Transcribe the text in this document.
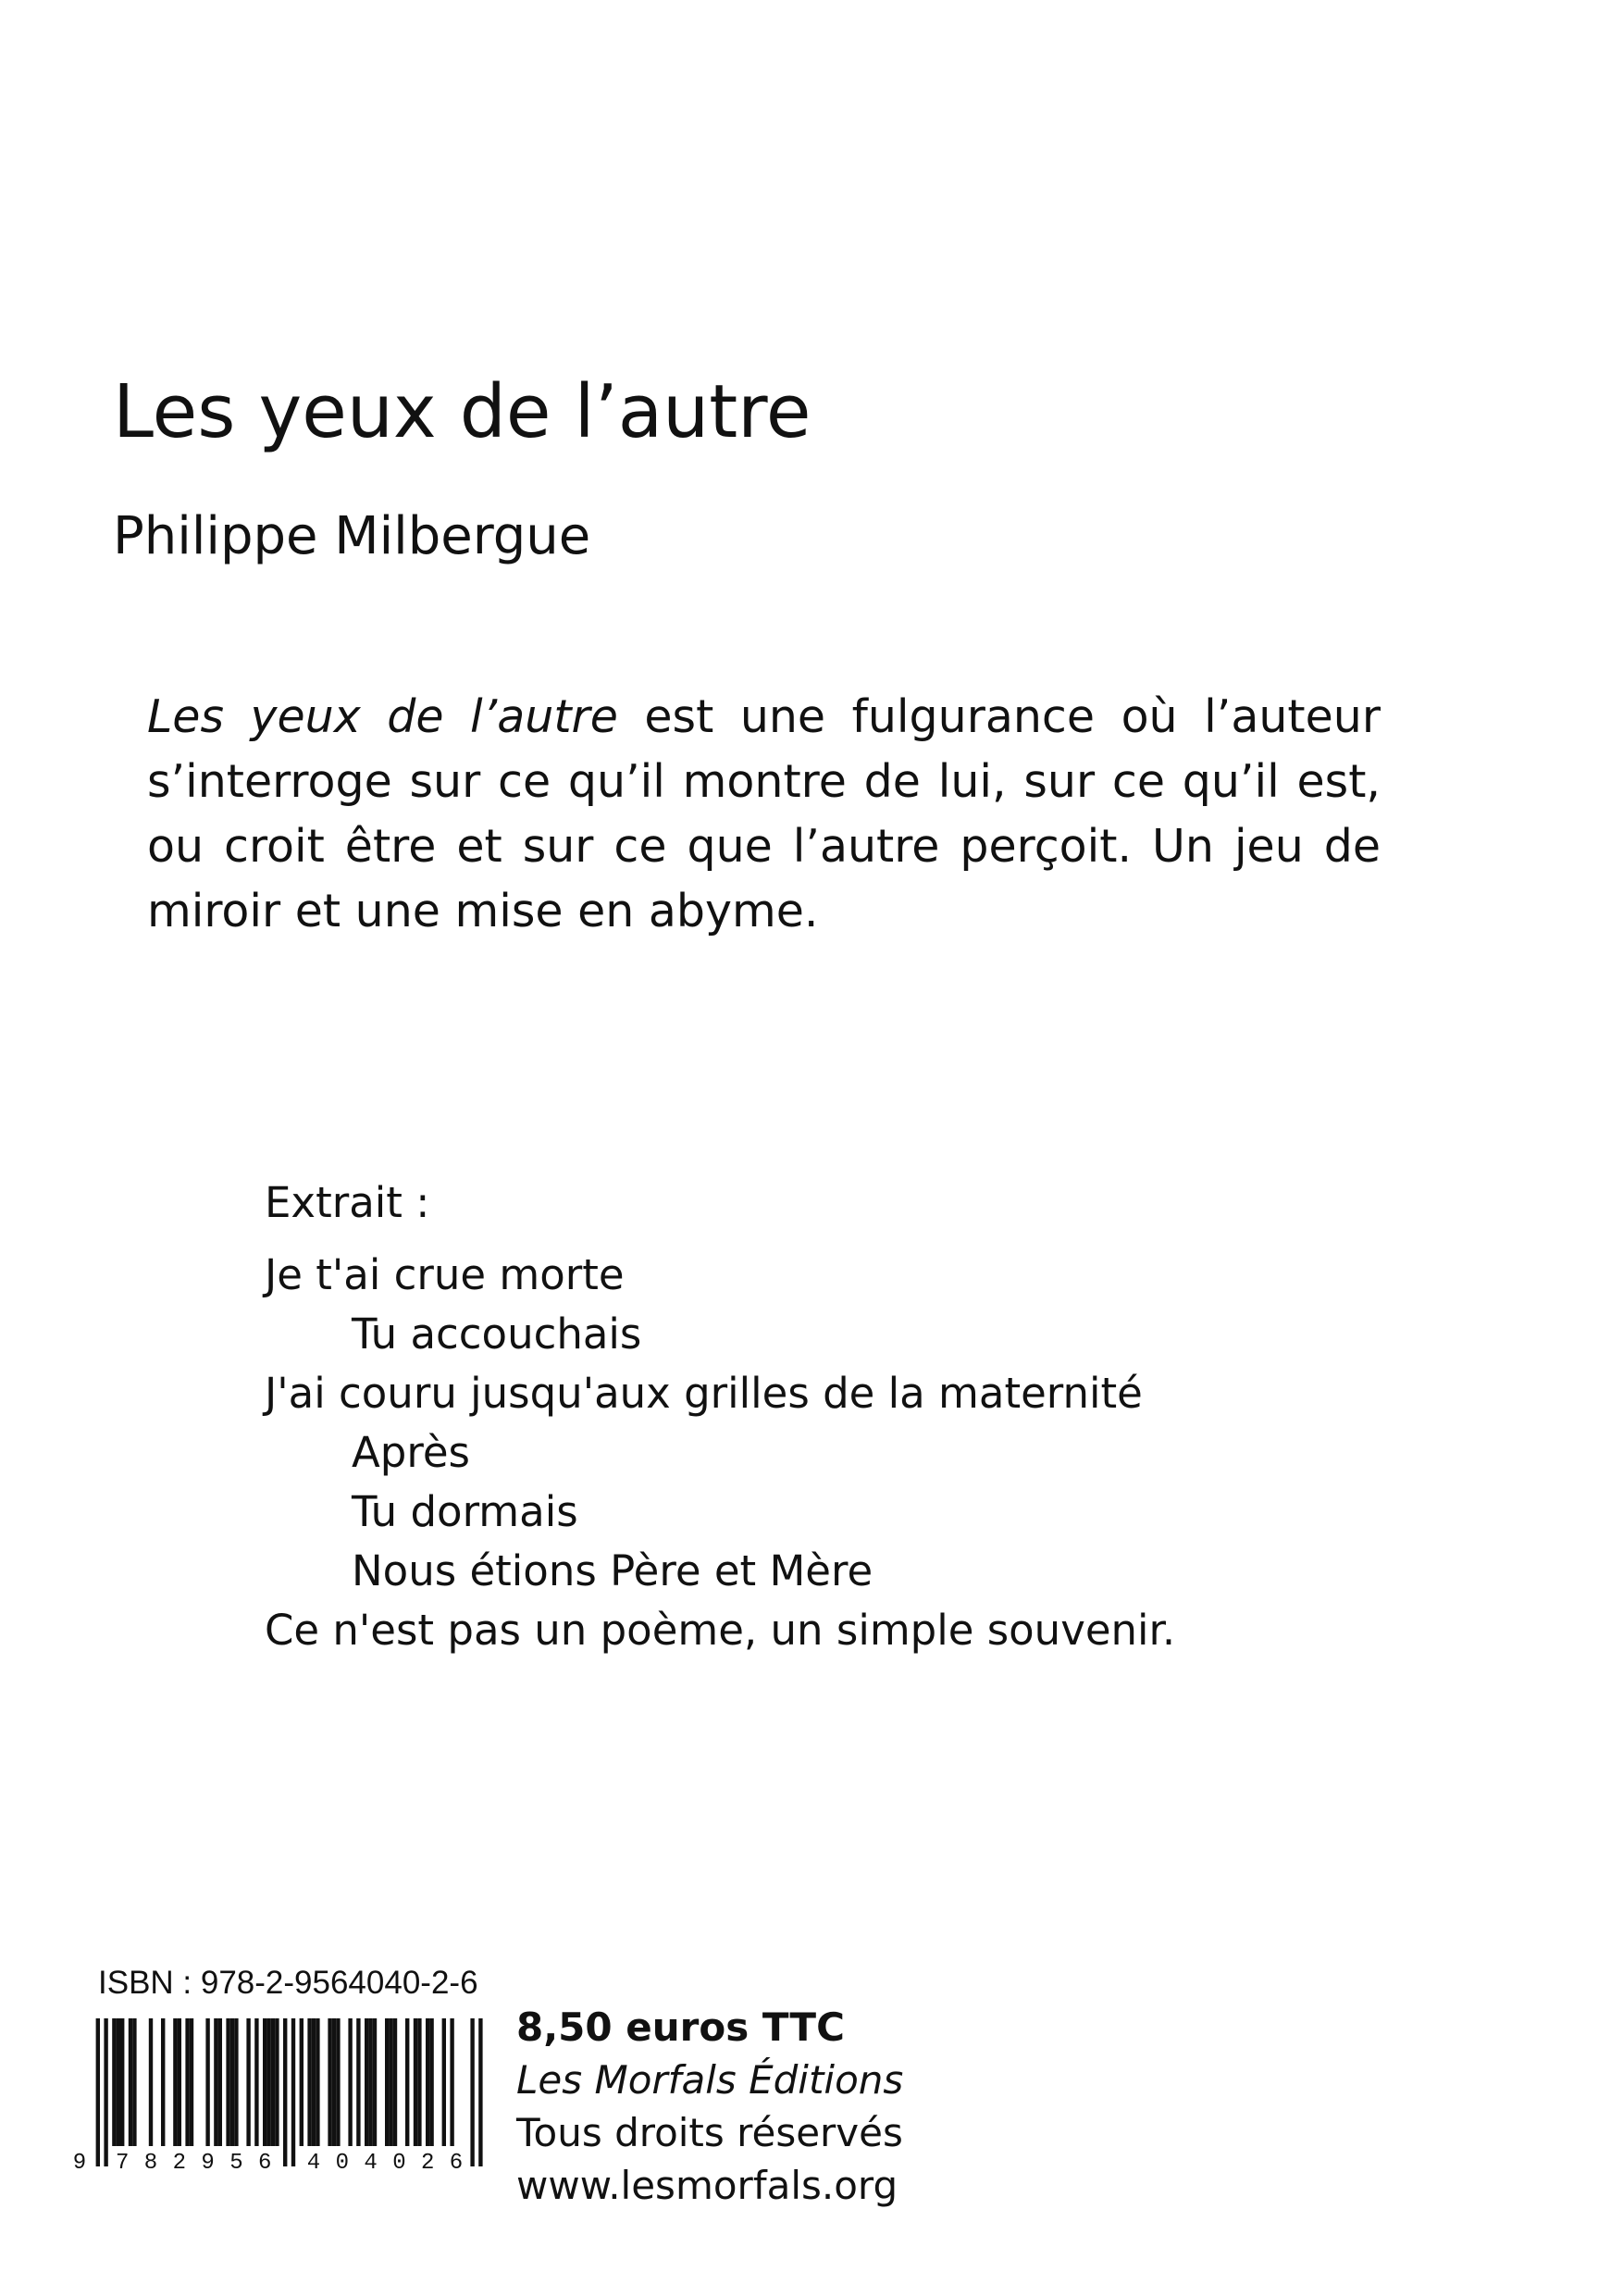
Les yeux de l’autre
Philippe Milbergue

Les yeux de l’autre est une fulgurance où l’auteur s’interroge sur ce qu’il montre de lui, sur ce qu’il est, ou croit être et sur ce que l’autre perçoit. Un jeu de miroir et une mise en abyme.

Extrait :
Je t'ai crue morte
Tu accouchais
J'ai couru jusqu'aux grilles de la maternité
Après
Tu dormais
Nous étions Père et Mère
Ce n'est pas un poème, un simple souvenir.
ISBN : 978-2-9564040-2-6
9 7 8 2 9 5 6 4 0 4 0 2 6
8,50 euros TTC
Les Morfals Éditions
Tous droits réservés
www.lesmorfals.org
